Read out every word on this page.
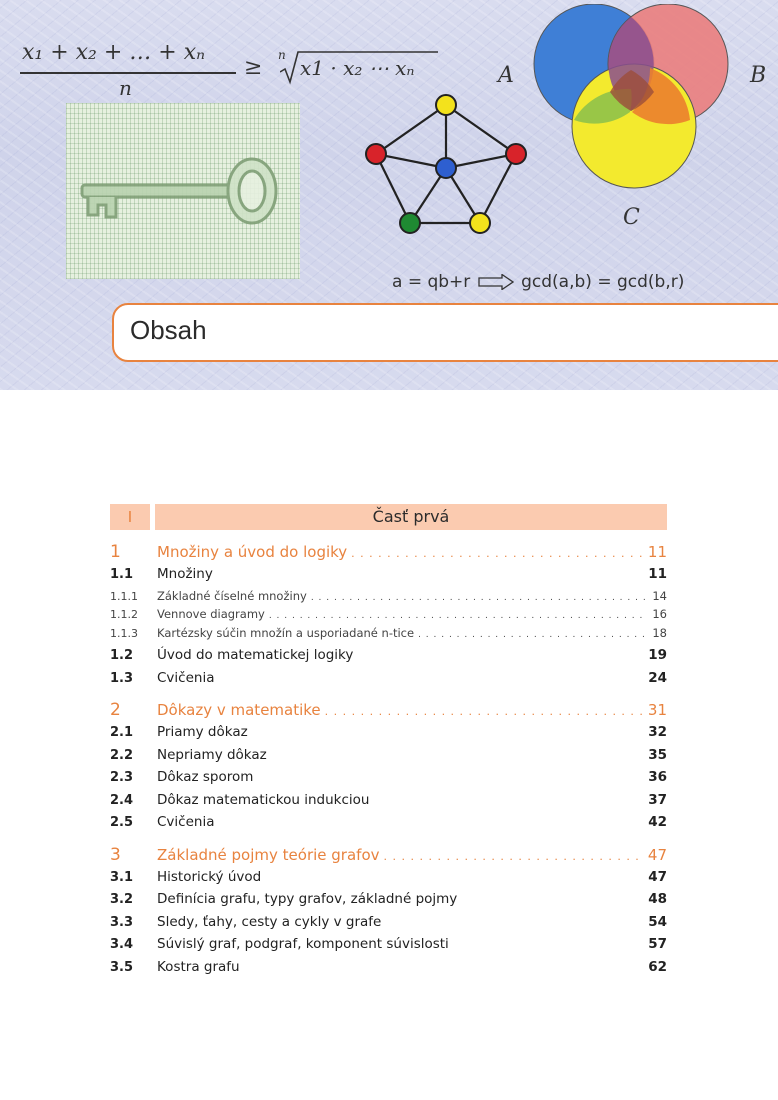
x₁ + x₂ + … + xₙ
n
≥ n
x1 · x₂ ⋯ xₙ	A	B
C
a = qb+r	gcd(a,b) = gcd(b,r)
Obsah
I	Časť prvá
1	Množiny a úvod do logiky . . .	11
1.1	Množiny	11
1.1.1	Základné číselné množiny . . .	14
1.1.2	Vennove diagramy . . .	16
1.1.3	Kartézsky súčin množín a usporiadané n-tice . . .	18
1.2	Úvod do matematickej logiky	19
1.3	Cvičenia	24
2	Dôkazy v matematike . . .	31
2.1	Priamy dôkaz	32
2.2	Nepriamy dôkaz	35
2.3	Dôkaz sporom	36
2.4	Dôkaz matematickou indukciou	37
2.5	Cvičenia	42
3	Základné pojmy teórie grafov . . .	47
3.1	Historický úvod	47
3.2	Definícia grafu, typy grafov, základné pojmy	48
3.3	Sledy, ťahy, cesty a cykly v grafe	54
3.4	Súvislý graf, podgraf, komponent súvislosti	57
3.5	Kostra grafu	62
